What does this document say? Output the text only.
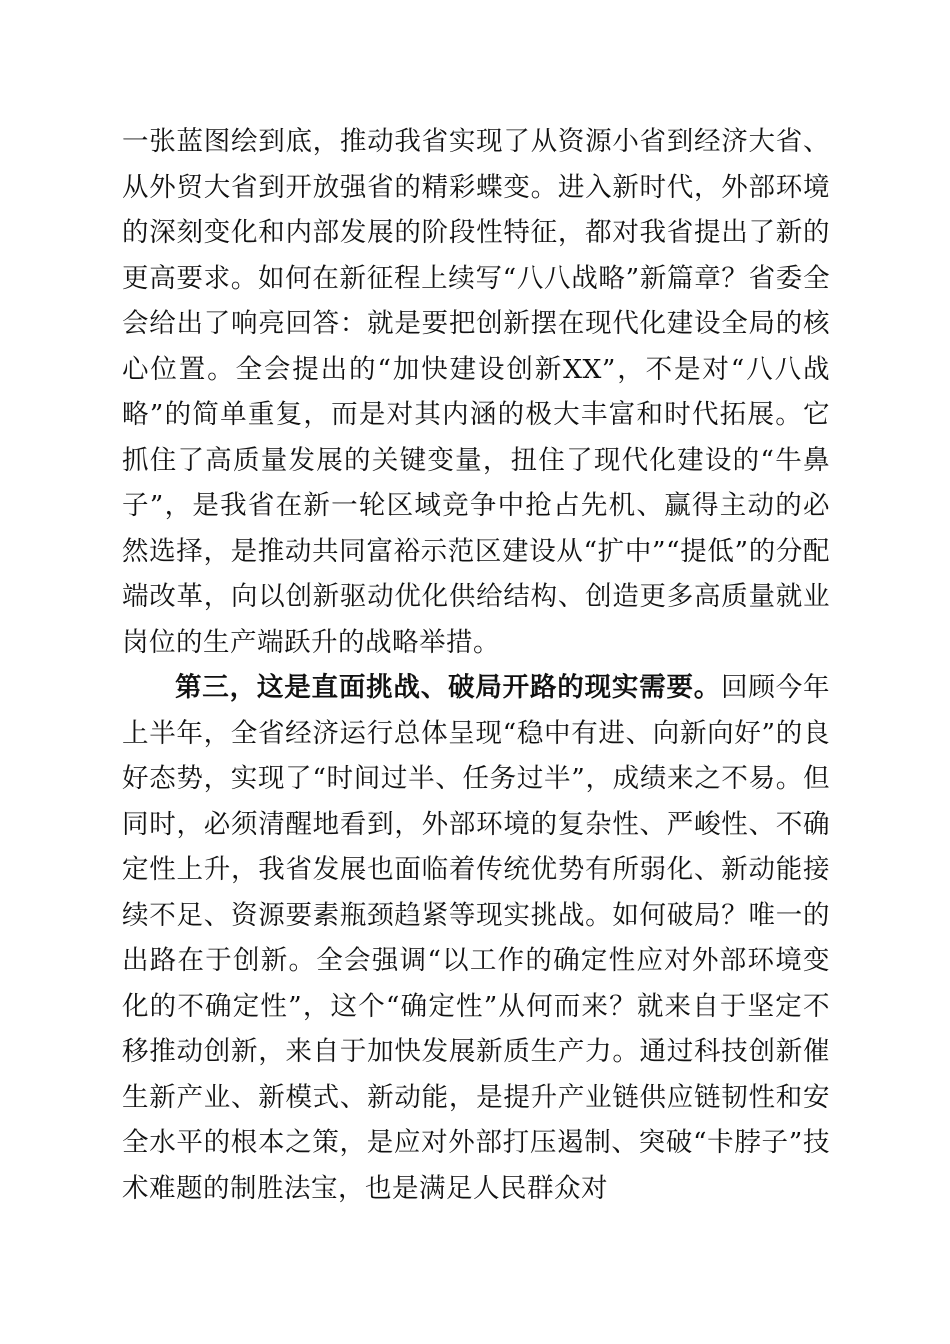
一张蓝图绘到底，推动我省实现了从资源小省到经济大省、从外贸大省到开放强省的精彩蝶变。进入新时代，外部环境的深刻变化和内部发展的阶段性特征，都对我省提出了新的更高要求。如何在新征程上续写“八八战略”新篇章？省委全会给出了响亮回答：就是要把创新摆在现代化建设全局的核心位置。全会提出的“加快建设创新XX”，不是对“八八战略”的简单重复，而是对其内涵的极大丰富和时代拓展。它抓住了高质量发展的关键变量，扭住了现代化建设的“牛鼻子”，是我省在新一轮区域竞争中抢占先机、赢得主动的必然选择，是推动共同富裕示范区建设从“扩中”“提低”的分配端改革，向以创新驱动优化供给结构、创造更多高质量就业岗位的生产端跃升的战略举措。

第三，这是直面挑战、破局开路的现实需要。回顾今年上半年，全省经济运行总体呈现“稳中有进、向新向好”的良好态势，实现了“时间过半、任务过半”，成绩来之不易。但同时，必须清醒地看到，外部环境的复杂性、严峻性、不确定性上升，我省发展也面临着传统优势有所弱化、新动能接续不足、资源要素瓶颈趋紧等现实挑战。如何破局？唯一的出路在于创新。全会强调“以工作的确定性应对外部环境变化的不确定性”，这个“确定性”从何而来？就来自于坚定不移推动创新，来自于加快发展新质生产力。通过科技创新催生新产业、新模式、新动能，是提升产业链供应链韧性和安全水平的根本之策，是应对外部打压遏制、突破“卡脖子”技术难题的制胜法宝，也是满足人民群众对
